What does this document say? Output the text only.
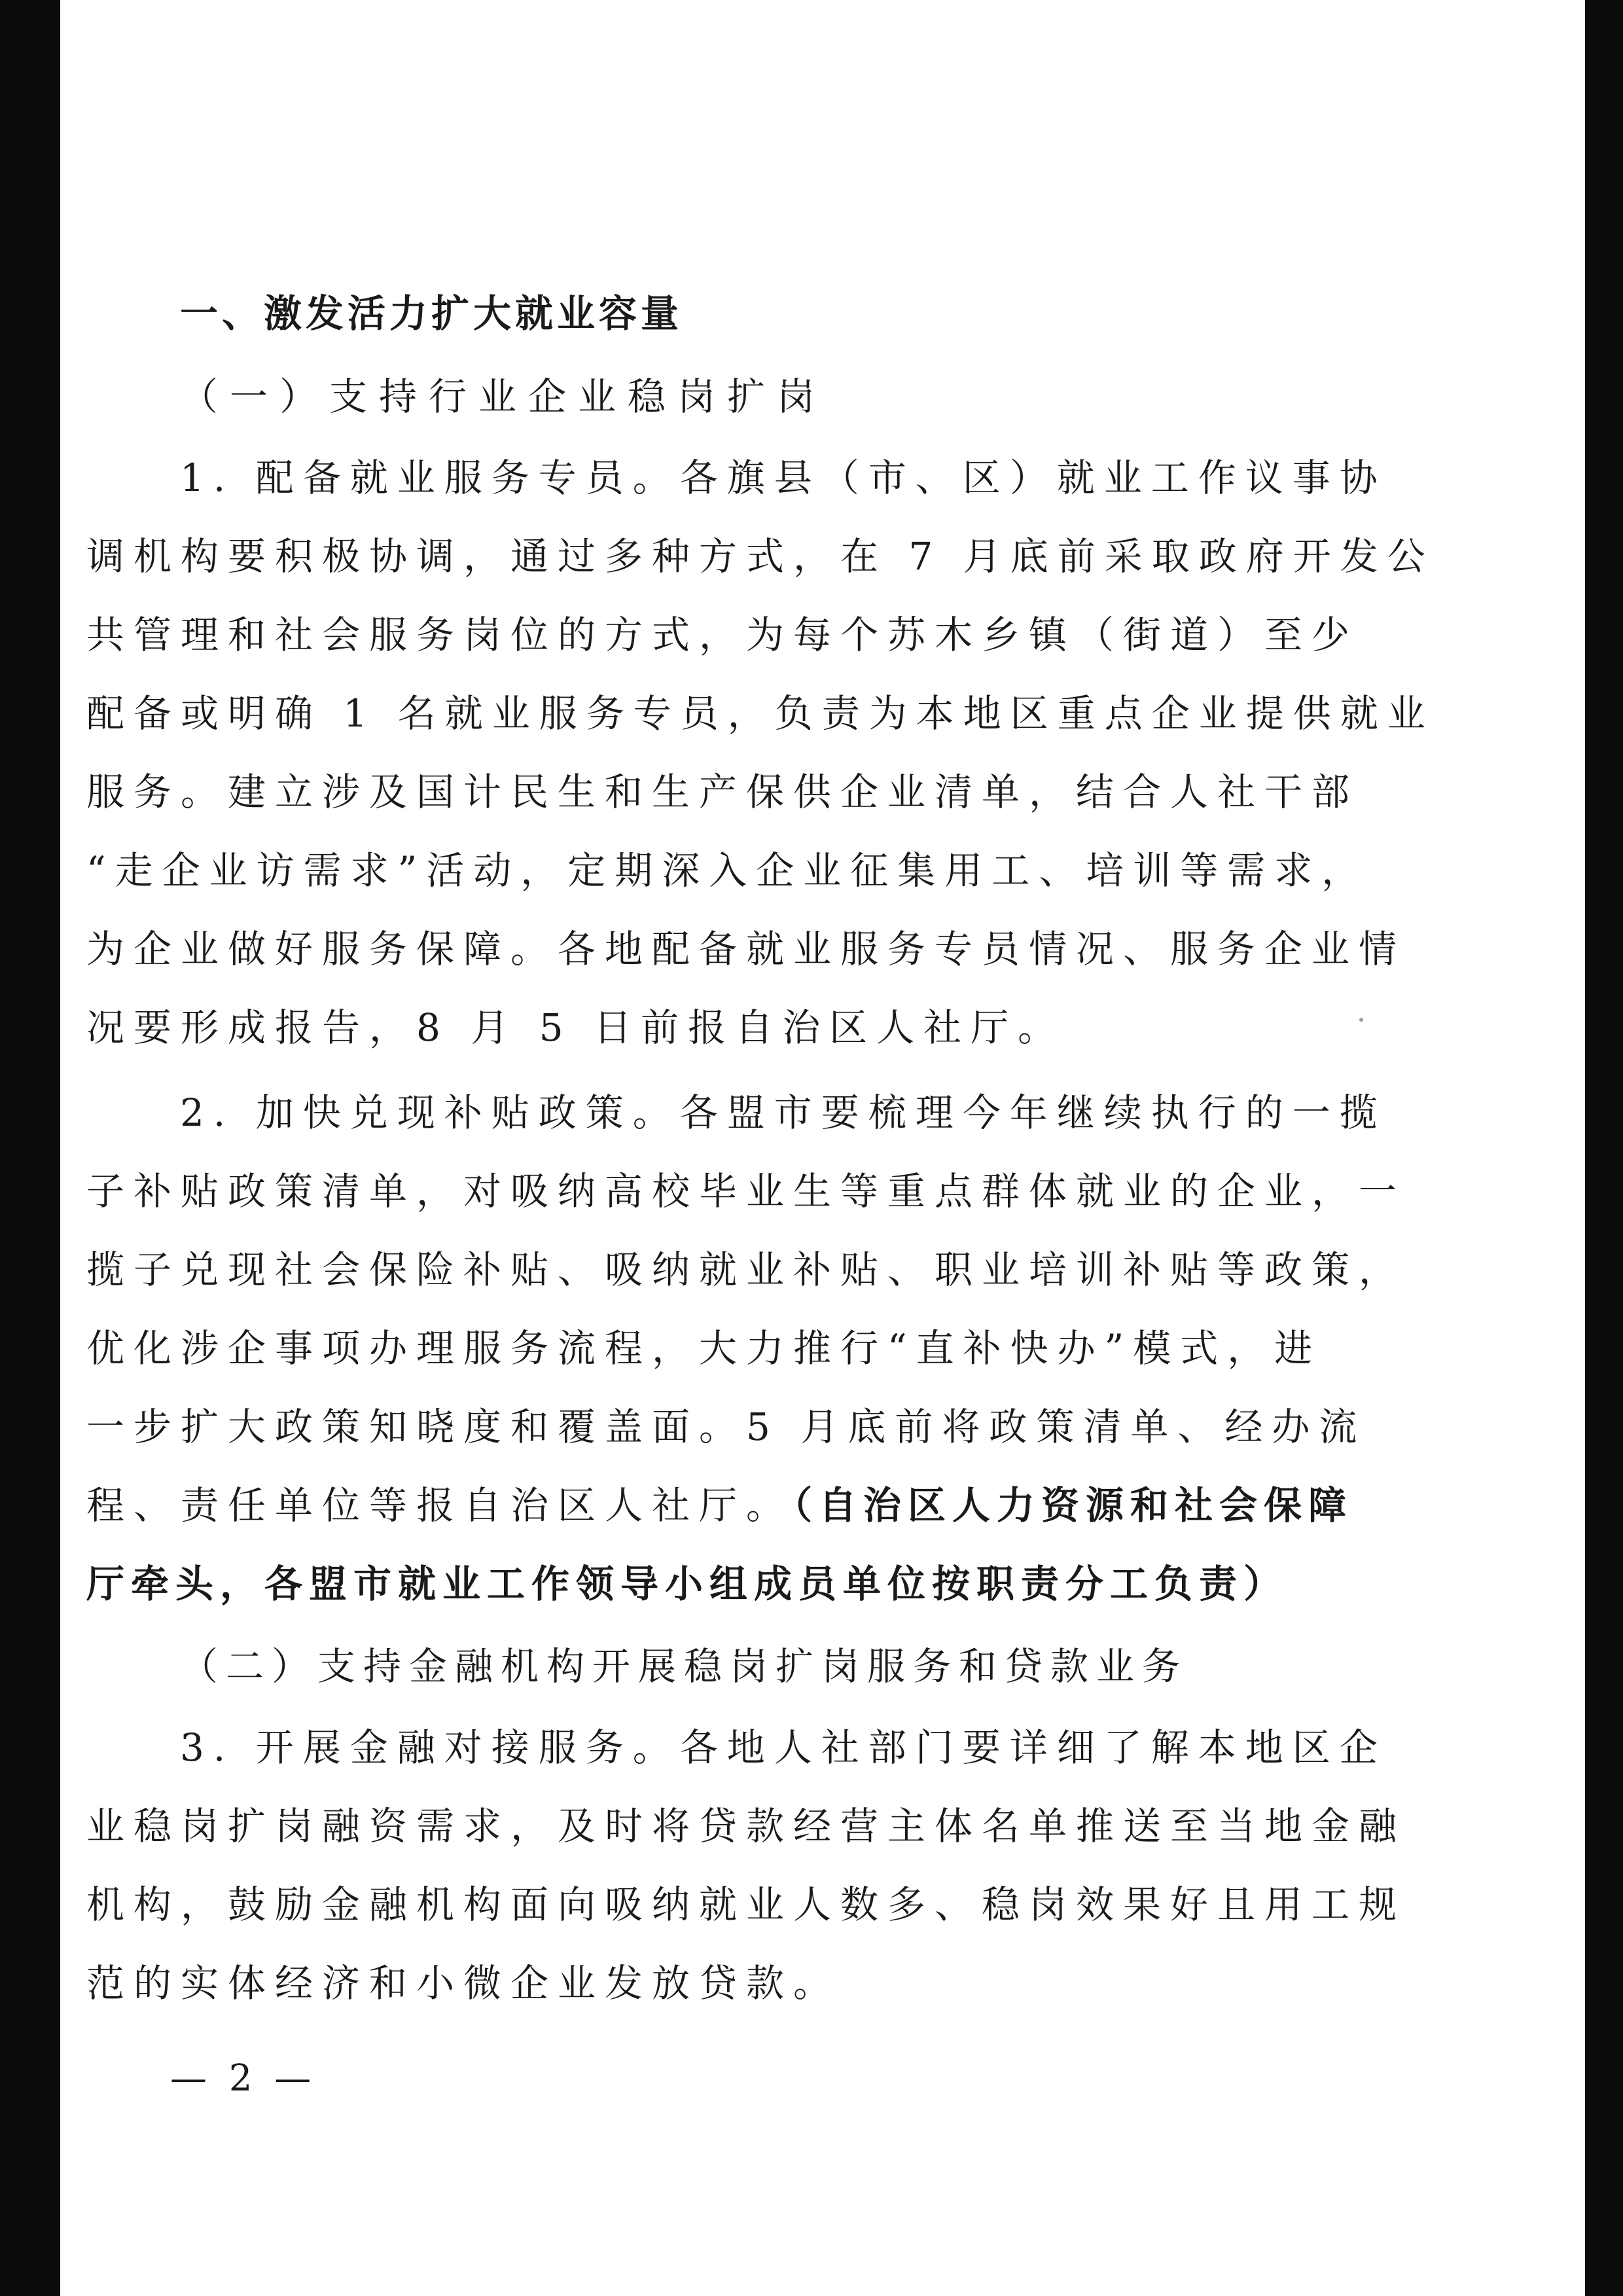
一、激发活力扩大就业容量
（一）支持行业企业稳岗扩岗
1. 配备就业服务专员。各旗县（市、区）就业工作议事协
调机构要积极协调，通过多种方式，在 7 月底前采取政府开发公
共管理和社会服务岗位的方式，为每个苏木乡镇（街道）至少
配备或明确 1 名就业服务专员，负责为本地区重点企业提供就业
服务。建立涉及国计民生和生产保供企业清单，结合人社干部
“走企业访需求”活动，定期深入企业征集用工、培训等需求，
为企业做好服务保障。各地配备就业服务专员情况、服务企业情
况要形成报告，8 月 5 日前报自治区人社厅。
2. 加快兑现补贴政策。各盟市要梳理今年继续执行的一揽
子补贴政策清单，对吸纳高校毕业生等重点群体就业的企业，一
揽子兑现社会保险补贴、吸纳就业补贴、职业培训补贴等政策，
优化涉企事项办理服务流程，大力推行“直补快办”模式，进
一步扩大政策知晓度和覆盖面。5 月底前将政策清单、经办流
程、责任单位等报自治区人社厅。（自治区人力资源和社会保障
厅牵头，各盟市就业工作领导小组成员单位按职责分工负责）
（二）支持金融机构开展稳岗扩岗服务和贷款业务
3. 开展金融对接服务。各地人社部门要详细了解本地区企
业稳岗扩岗融资需求，及时将贷款经营主体名单推送至当地金融
机构，鼓励金融机构面向吸纳就业人数多、稳岗效果好且用工规
范的实体经济和小微企业发放贷款。
— 2 —
